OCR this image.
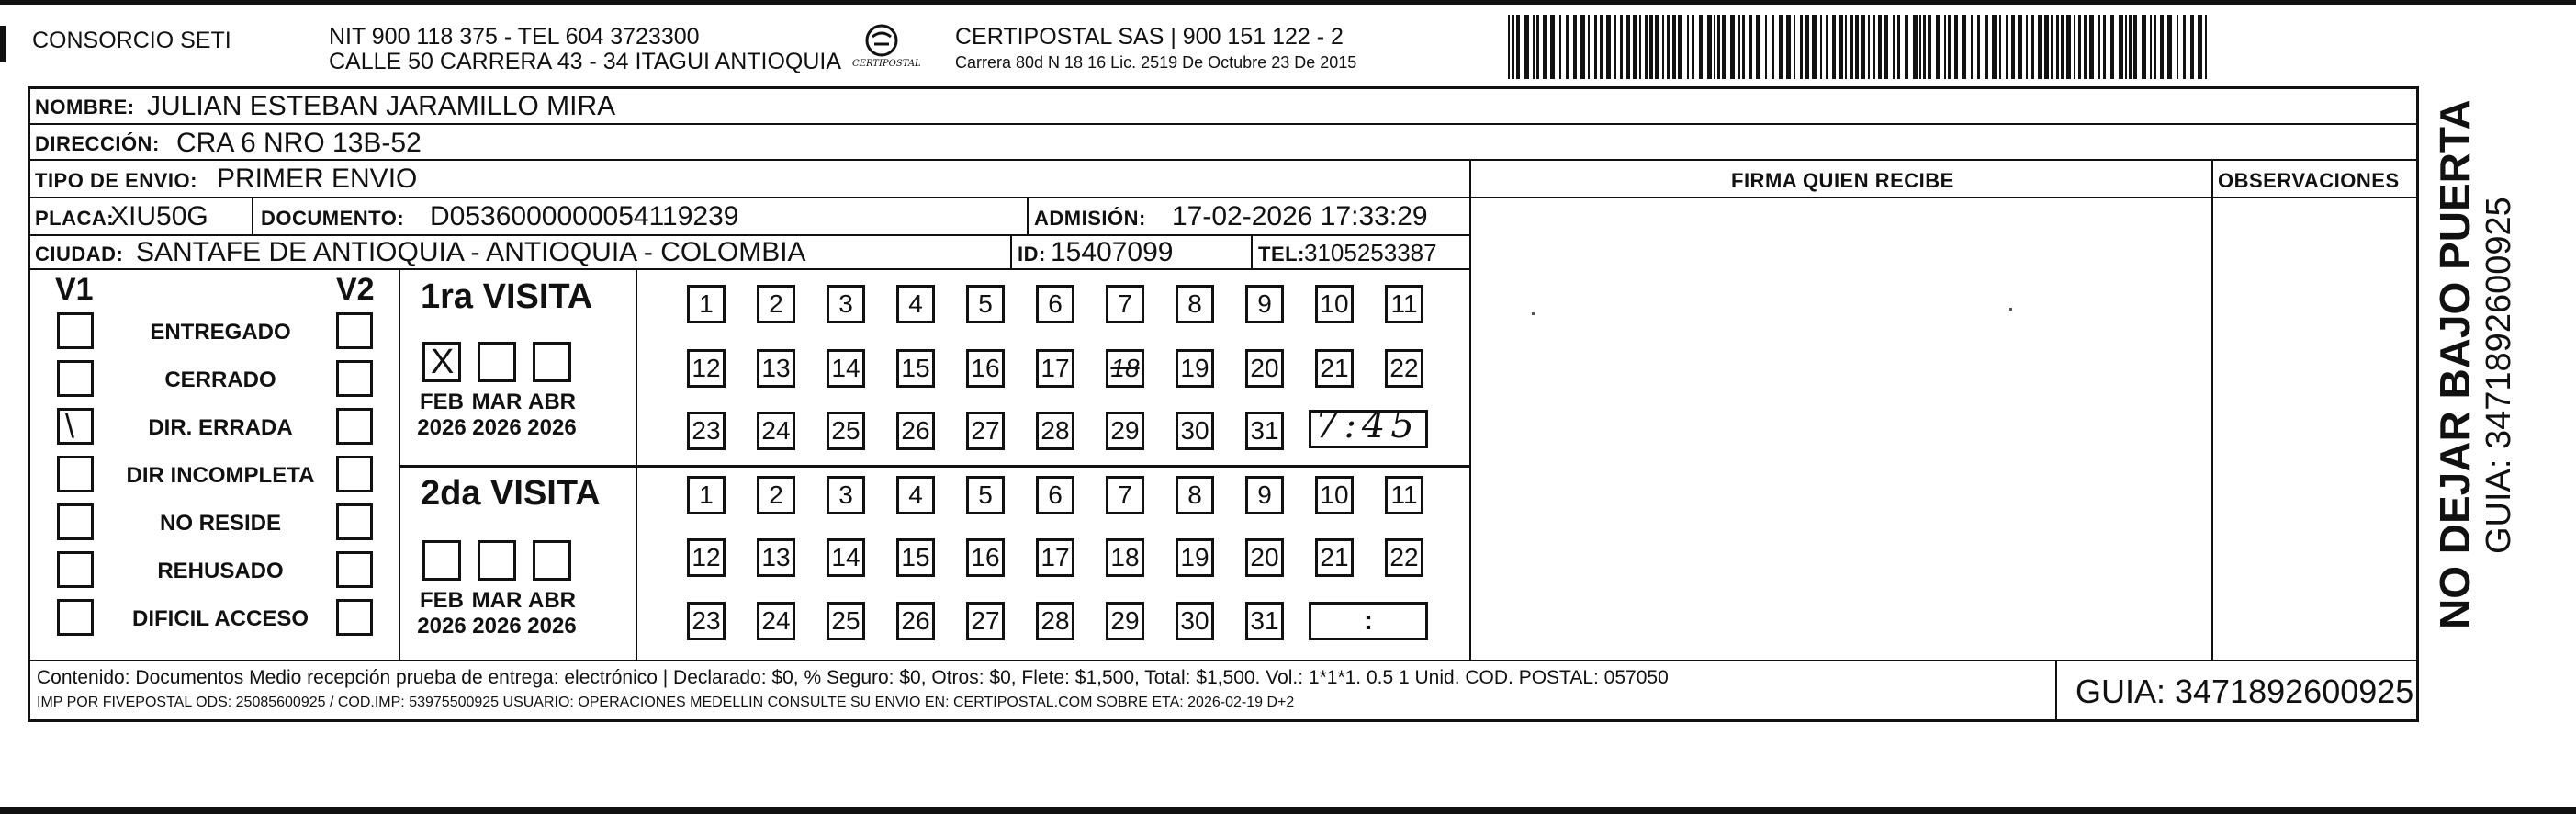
CONSORCIO SETI	NIT 900 118 375 - TEL 604 3723300
CALLE 50 CARRERA 43 - 34 ITAGUI ANTIOQUIA CERTIPOSTAL
CERTIPOSTAL SAS | 900 151 122 - 2
Carrera 80d N 18 16 Lic. 2519 De Octubre 23 De 2015
NOMBRE: JULIAN ESTEBAN JARAMILLO MIRA
DIRECCIÓN: CRA 6 NRO 13B-52
TIPO DE ENVIO: PRIMER ENVIO	FIRMA QUIEN RECIBE	OBSERVACIONES
PLACA:
XIU50G	DOCUMENTO: D0536000000054119239	ADMISIÓN: 17-02-2026 17:33:29
CIUDAD: SANTAFE DE ANTIOQUIA - ANTIOQUIA - COLOMBIA	ID: 15407099	TEL: 3105253387
V1	V2
ENTREGADO
CERRADO
\	DIR. ERRADA
DIR INCOMPLETA
NO RESIDE
REHUSADO
DIFICIL ACCESO
1ra VISITA
X
FEB
2026
MAR
2026
ABR
2026
1	2	3	4	5	6	7	8	9	10 11
12 13 14 15 16 17 18 19 20 21 22
23 24 25 26 27 28 29 30 31 7:45
2da VISITA
FEB
2026
MAR
2026
ABR
2026
1	2	3	4	5	6	7	8	9	10 11
12 13 14 15 16 17 18 19 20 21 22
23 24 25 26 27 28 29 30 31	:
Contenido: Documentos Medio recepción prueba de entrega: electrónico | Declarado: $0, % Seguro: $0, Otros: $0, Flete: $1,500, Total: $1,500. Vol.: 1*1*1. 0.5 1 Unid. COD. POSTAL: 057050
IMP POR FIVEPOSTAL ODS: 25085600925 / COD.IMP: 53975500925 USUARIO: OPERACIONES MEDELLIN CONSULTE SU ENVIO EN: CERTIPOSTAL.COM SOBRE ETA: 2026-02-19 D+2	GUIA: 3471892600925
NO DEJAR BAJO PUERTA GUIA: 3471892600925
